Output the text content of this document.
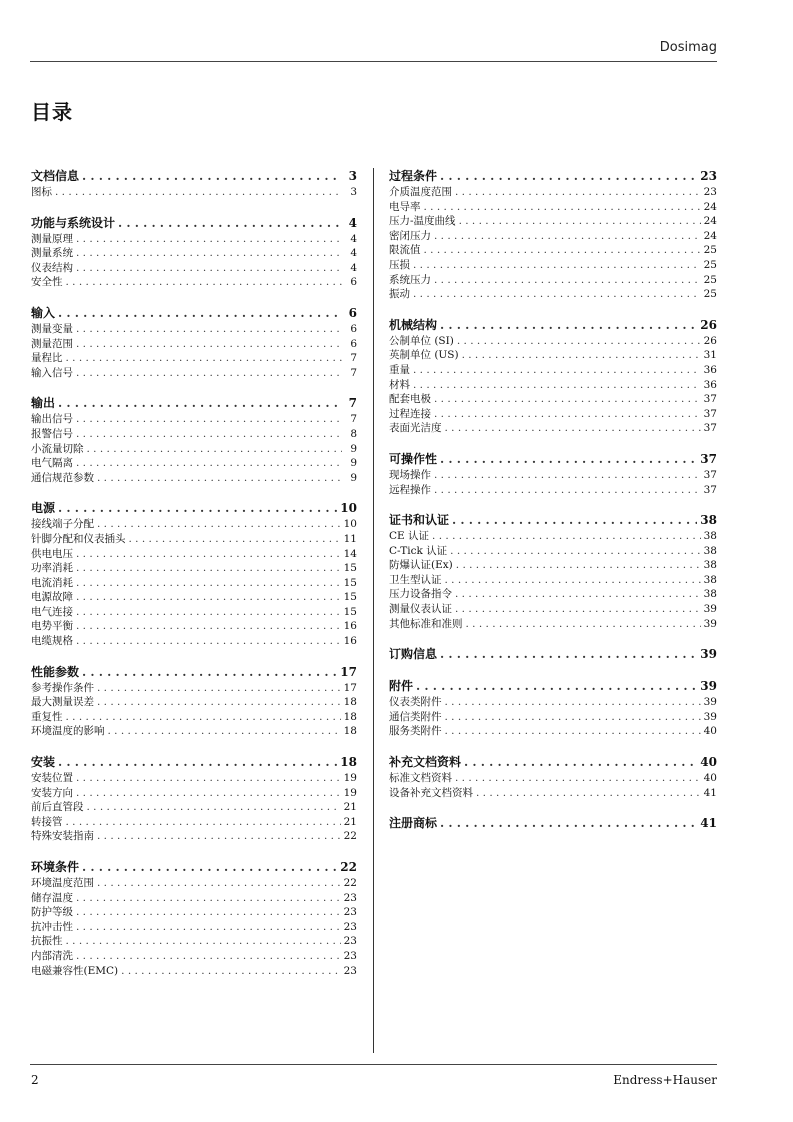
Dosimag
目录
文档信息 . . .	3
图标 . . .	3
功能与系统设计 . . .	4
测量原理 . . .	4
测量系统 . . .	4
仪表结构 . . .	4
安全性 . . .	6
输入 . . .	6
测量变量 . . .	6
测量范围 . . .	6
量程比 . . .	7
输入信号 . . .	7
输出 . . .	7
输出信号 . . .	7
报警信号 . . .	8
小流量切除 . . .	9
电气隔离 . . .	9
通信规范参数 . . .	9
电源 . . .	10
接线端子分配 . . .	10
针脚分配和仪表插头 . . .	11
供电电压 . . .	14
功率消耗 . . .	15
电流消耗 . . .	15
电源故障 . . .	15
电气连接 . . .	15
电势平衡 . . .	16
电缆规格 . . .	16
性能参数 . . .	17
参考操作条件 . . .	17
最大测量误差 . . .	18
重复性 . . .	18
环境温度的影响 . . .	18
安装 . . .	18
安装位置 . . .	19
安装方向 . . .	19
前后直管段 . . .	21
转接管 . . .	21
特殊安装指南 . . .	22
环境条件 . . .	22
环境温度范围 . . .	22
储存温度 . . .	23
防护等级 . . .	23
抗冲击性 . . .	23
抗振性 . . .	23
内部清洗 . . .	23
电磁兼容性(EMC) . . .	23
过程条件 . . .	23
介质温度范围 . . .	23
电导率 . . .	24
压力-温度曲线 . . .	24
密闭压力 . . .	24
限流值 . . .	25
压损 . . .	25
系统压力 . . .	25
振动 . . .	25
机械结构 . . .	26
公制单位 (SI) . . .	26
英制单位 (US) . . .	31
重量 . . .	36
材料 . . .	36
配套电极 . . .	37
过程连接 . . .	37
表面光洁度 . . .	37
可操作性 . . .	37
现场操作 . . .	37
远程操作 . . .	37
证书和认证 . . .	38
CE 认证 . . .	38
C-Tick 认证 . . .	38
防爆认证(Ex) . . .	38
卫生型认证 . . .	38
压力设备指令 . . .	38
测量仪表认证 . . .	39
其他标准和准则 . . .	39
订购信息 . . .	39
附件 . . .	39
仪表类附件 . . .	39
通信类附件 . . .	39
服务类附件 . . .	40
补充文档资料 . . .	40
标准文档资料 . . .	40
设备补充文档资料 . . .	41
注册商标 . . .	41
2	Endress+Hauser
